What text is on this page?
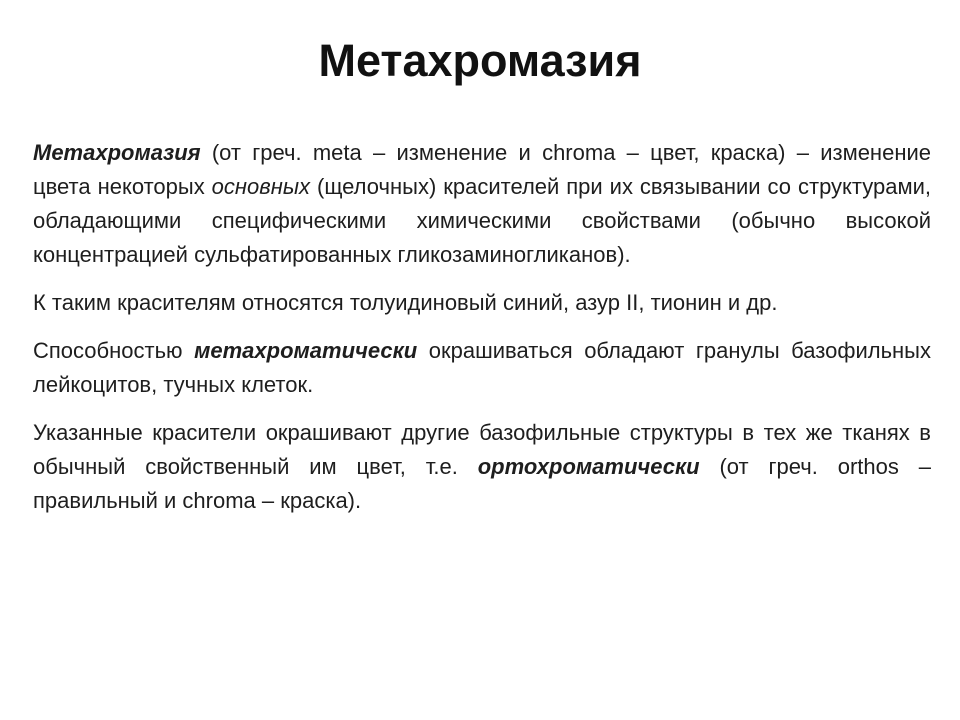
Метахромазия

Метахромазия (от греч. meta – изменение и chroma – цвет, краска) – изменение цвета некоторых основных (щелочных) красителей при их связывании со структурами, обладающими специфическими химическими свойствами (обычно высокой концентрацией сульфатированных гликозаминогликанов).

К таким красителям относятся толуидиновый синий, азур II, тионин и др.

Способностью метахроматически окрашиваться обладают гранулы базофильных лейкоцитов, тучных клеток.

Указанные красители окрашивают другие базофильные структуры в тех же тканях в обычный свойственный им цвет, т.е. ортохроматически (от греч. orthos – правильный и chroma – краска).
